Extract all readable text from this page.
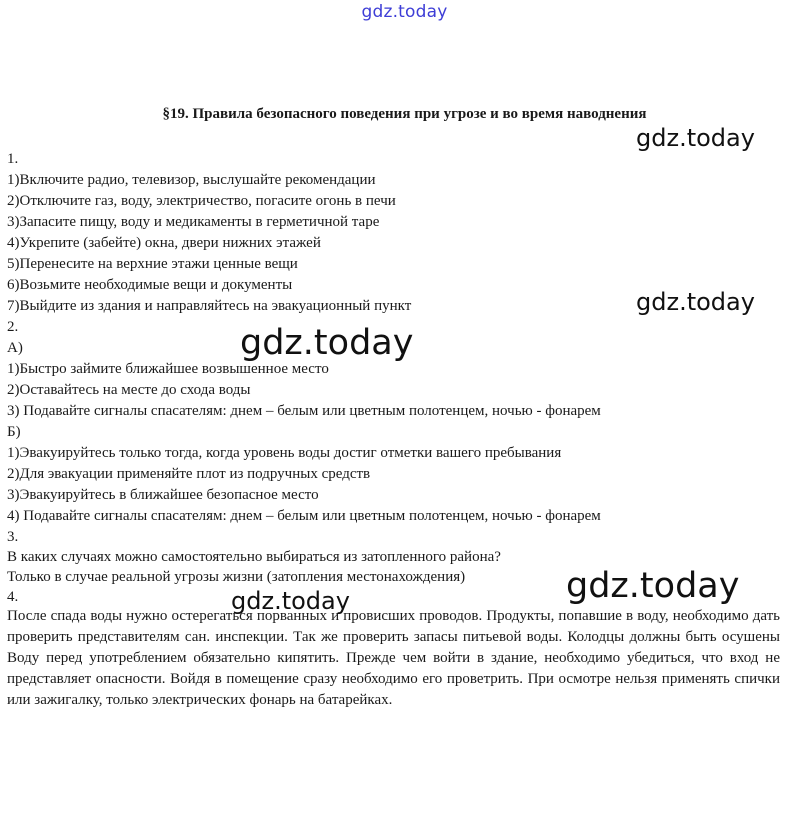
gdz.today
§19. Правила безопасного поведения при угрозе и во время наводнения
1.
1)Включите радио, телевизор, выслушайте рекомендации
2)Отключите газ, воду, электричество, погасите огонь в печи
3)Запасите пищу, воду и медикаменты в герметичной таре
4)Укрепите (забейте) окна, двери нижних этажей
5)Перенесите на верхние этажи ценные вещи
6)Возьмите необходимые вещи и документы
7)Выйдите из здания и направляйтесь на эвакуационный пункт
2.
А)
1)Быстро займите ближайшее возвышенное место
2)Оставайтесь на месте до схода воды
3) Подавайте сигналы спасателям: днем – белым или цветным полотенцем, ночью - фонарем
Б)
1)Эвакуируйтесь только тогда, когда уровень воды достиг отметки вашего пребывания
2)Для эвакуации применяйте плот из подручных средств
3)Эвакуируйтесь в ближайшее безопасное место
4) Подавайте сигналы спасателям: днем – белым или цветным полотенцем, ночью - фонарем
3.
В каких случаях можно самостоятельно выбираться из затопленного района?
Только в случае реальной угрозы жизни (затопления местонахождения)
4.
После спада воды нужно остерегаться порванных и провисших проводов. Продукты, попавшие в воду, необходимо дать проверить представителям сан. инспекции. Так же проверить запасы питьевой воды. Колодцы должны быть осушены Воду перед употреблением обязательно кипятить. Прежде чем войти в здание, необходимо убедиться, что вход не представляет опасности. Войдя в помещение сразу необходимо его проветрить. При осмотре нельзя применять спички или зажигалку, только электрических фонарь на батарейках.
gdz.today
gdz.today
gdz.today
gdz.today
gdz.today
